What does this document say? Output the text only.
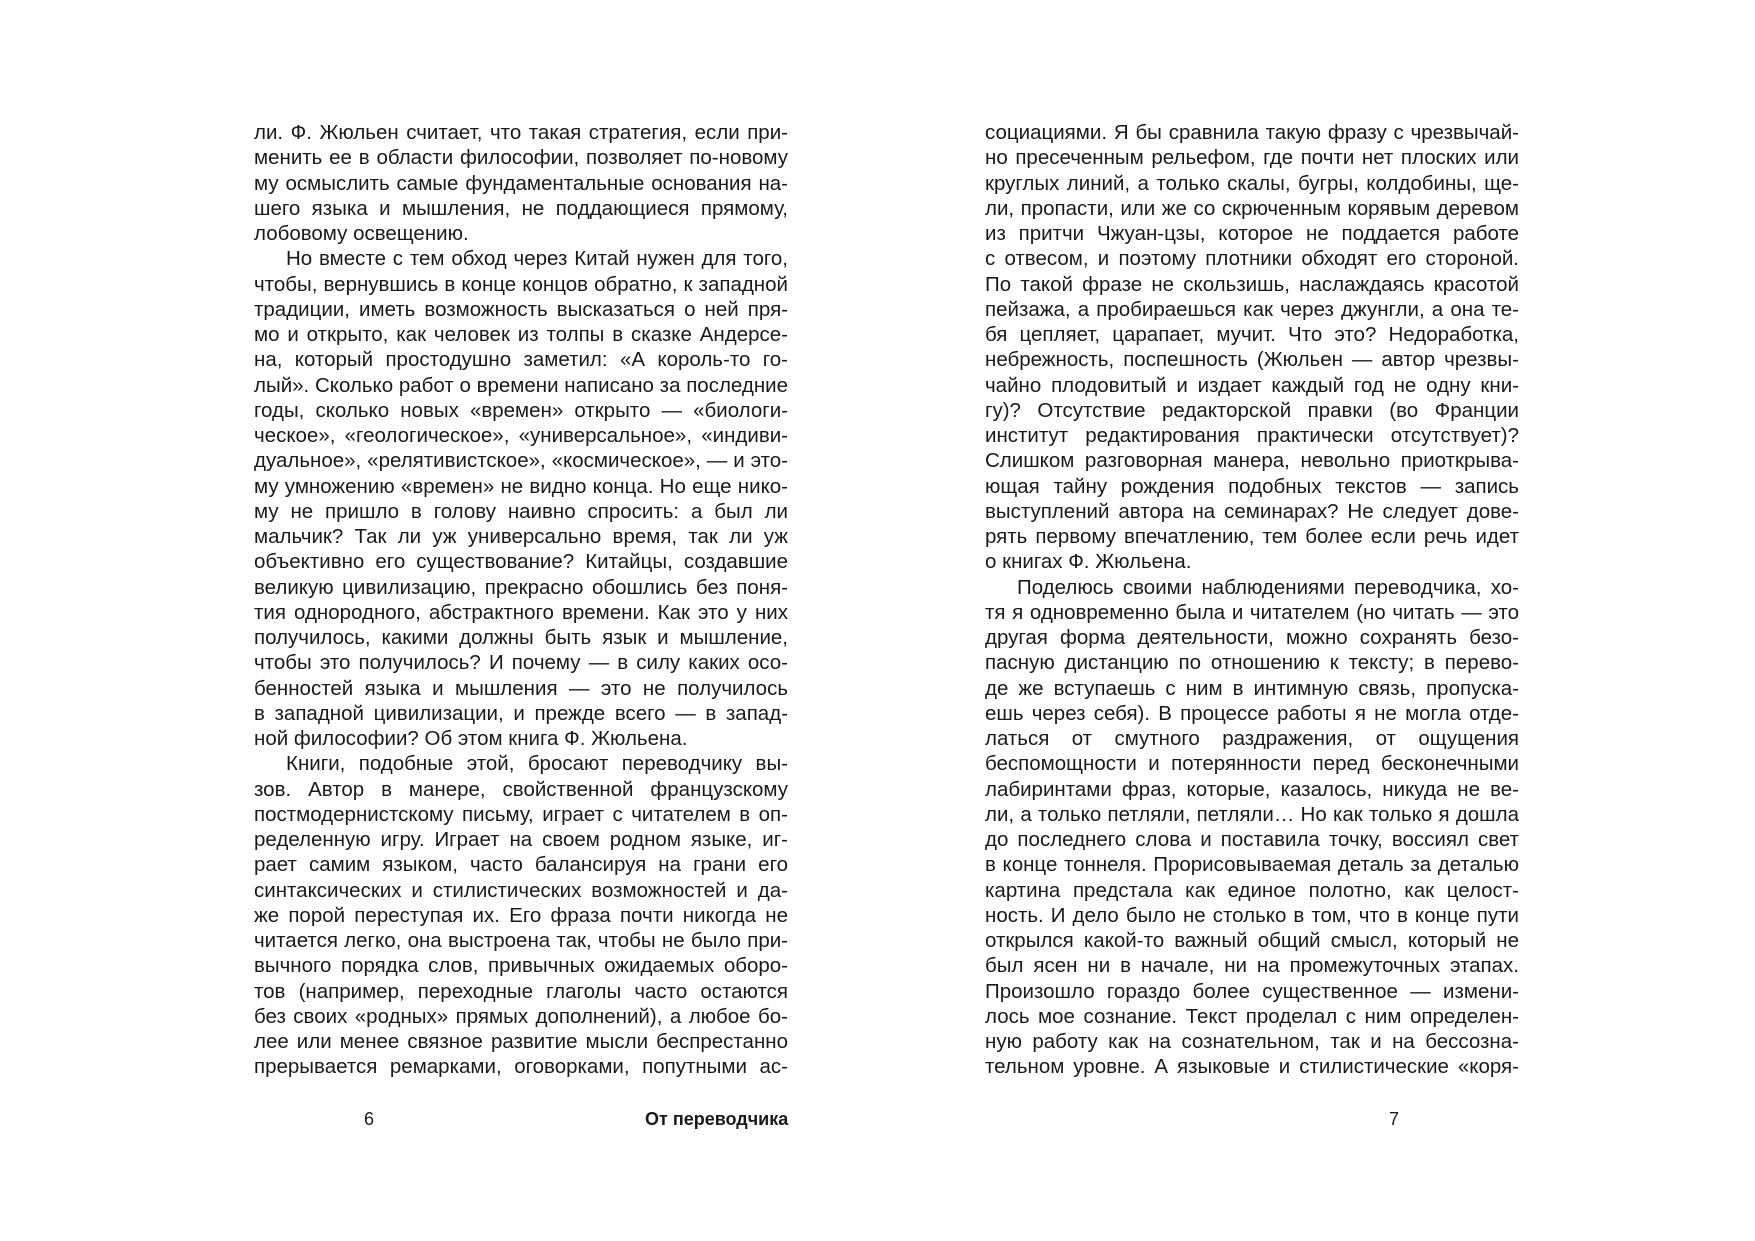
ли. Ф. Жюльен считает, что такая стратегия, если при-
менить ее в области философии, позволяет по-новому
му осмыслить самые фундаментальные основания на-
шего языка и мышления, не поддающиеся прямому,
лобовому освещению.
Но вместе с тем обход через Китай нужен для того,
чтобы, вернувшись в конце концов обратно, к западной
традиции, иметь возможность высказаться о ней пря-
мо и открыто, как человек из толпы в сказке Андерсе-
на, который простодушно заметил: «А король-то го-
лый». Сколько работ о времени написано за последние
годы, сколько новых «времен» открыто — «биологи-
ческое», «геологическое», «универсальное», «индиви-
дуальное», «релятивистское», «космическое», — и это-
му умножению «времен» не видно конца. Но еще нико-
му не пришло в голову наивно спросить: а был ли
мальчик? Так ли уж универсально время, так ли уж
объективно его существование? Китайцы, создавшие
великую цивилизацию, прекрасно обошлись без поня-
тия однородного, абстрактного времени. Как это у них
получилось, какими должны быть язык и мышление,
чтобы это получилось? И почему — в силу каких осо-
бенностей языка и мышления — это не получилось
в западной цивилизации, и прежде всего — в запад-
ной философии? Об этом книга Ф. Жюльена.
Книги, подобные этой, бросают переводчику вы-
зов. Автор в манере, свойственной французскому
постмодернистскому письму, играет с читателем в оп-
ределенную игру. Играет на своем родном языке, иг-
рает самим языком, часто балансируя на грани его
синтаксических и стилистических возможностей и да-
же порой переступая их. Его фраза почти никогда не
читается легко, она выстроена так, чтобы не было при-
вычного порядка слов, привычных ожидаемых оборо-
тов (например, переходные глаголы часто остаются
без своих «родных» прямых дополнений), а любое бо-
лее или менее связное развитие мысли беспрестанно
прерывается ремарками, оговорками, попутными ас-
социациями. Я бы сравнила такую фразу с чрезвычай-
но пресеченным рельефом, где почти нет плоских или
круглых линий, а только скалы, бугры, колдобины, ще-
ли, пропасти, или же со скрюченным корявым деревом
из притчи Чжуан-цзы, которое не поддается работе
с отвесом, и поэтому плотники обходят его стороной.
По такой фразе не скользишь, наслаждаясь красотой
пейзажа, а пробираешься как через джунгли, а она те-
бя цепляет, царапает, мучит. Что это? Недоработка,
небрежность, поспешность (Жюльен — автор чрезвы-
чайно плодовитый и издает каждый год не одну кни-
гу)? Отсутствие редакторской правки (во Франции
институт редактирования практически отсутствует)?
Слишком разговорная манера, невольно приоткрыва-
ющая тайну рождения подобных текстов — запись
выступлений автора на семинарах? Не следует дове-
рять первому впечатлению, тем более если речь идет
о книгах Ф. Жюльена.
Поделюсь своими наблюдениями переводчика, хо-
тя я одновременно была и читателем (но читать — это
другая форма деятельности, можно сохранять безо-
пасную дистанцию по отношению к тексту; в перево-
де же вступаешь с ним в интимную связь, пропуска-
ешь через себя). В процессе работы я не могла отде-
латься от смутного раздражения, от ощущения
беспомощности и потерянности перед бесконечными
лабиринтами фраз, которые, казалось, никуда не ве-
ли, а только петляли, петляли… Но как только я дошла
до последнего слова и поставила точку, воссиял свет
в конце тоннеля. Прорисовываемая деталь за деталью
картина предстала как единое полотно, как целост-
ность. И дело было не столько в том, что в конце пути
открылся какой-то важный общий смысл, который не
был ясен ни в начале, ни на промежуточных этапах.
Произошло гораздо более существенное — измени-
лось мое сознание. Текст проделал с ним определен-
ную работу как на сознательном, так и на бессозна-
тельном уровне. А языковые и стилистические «коря-
6	От переводчика	7
